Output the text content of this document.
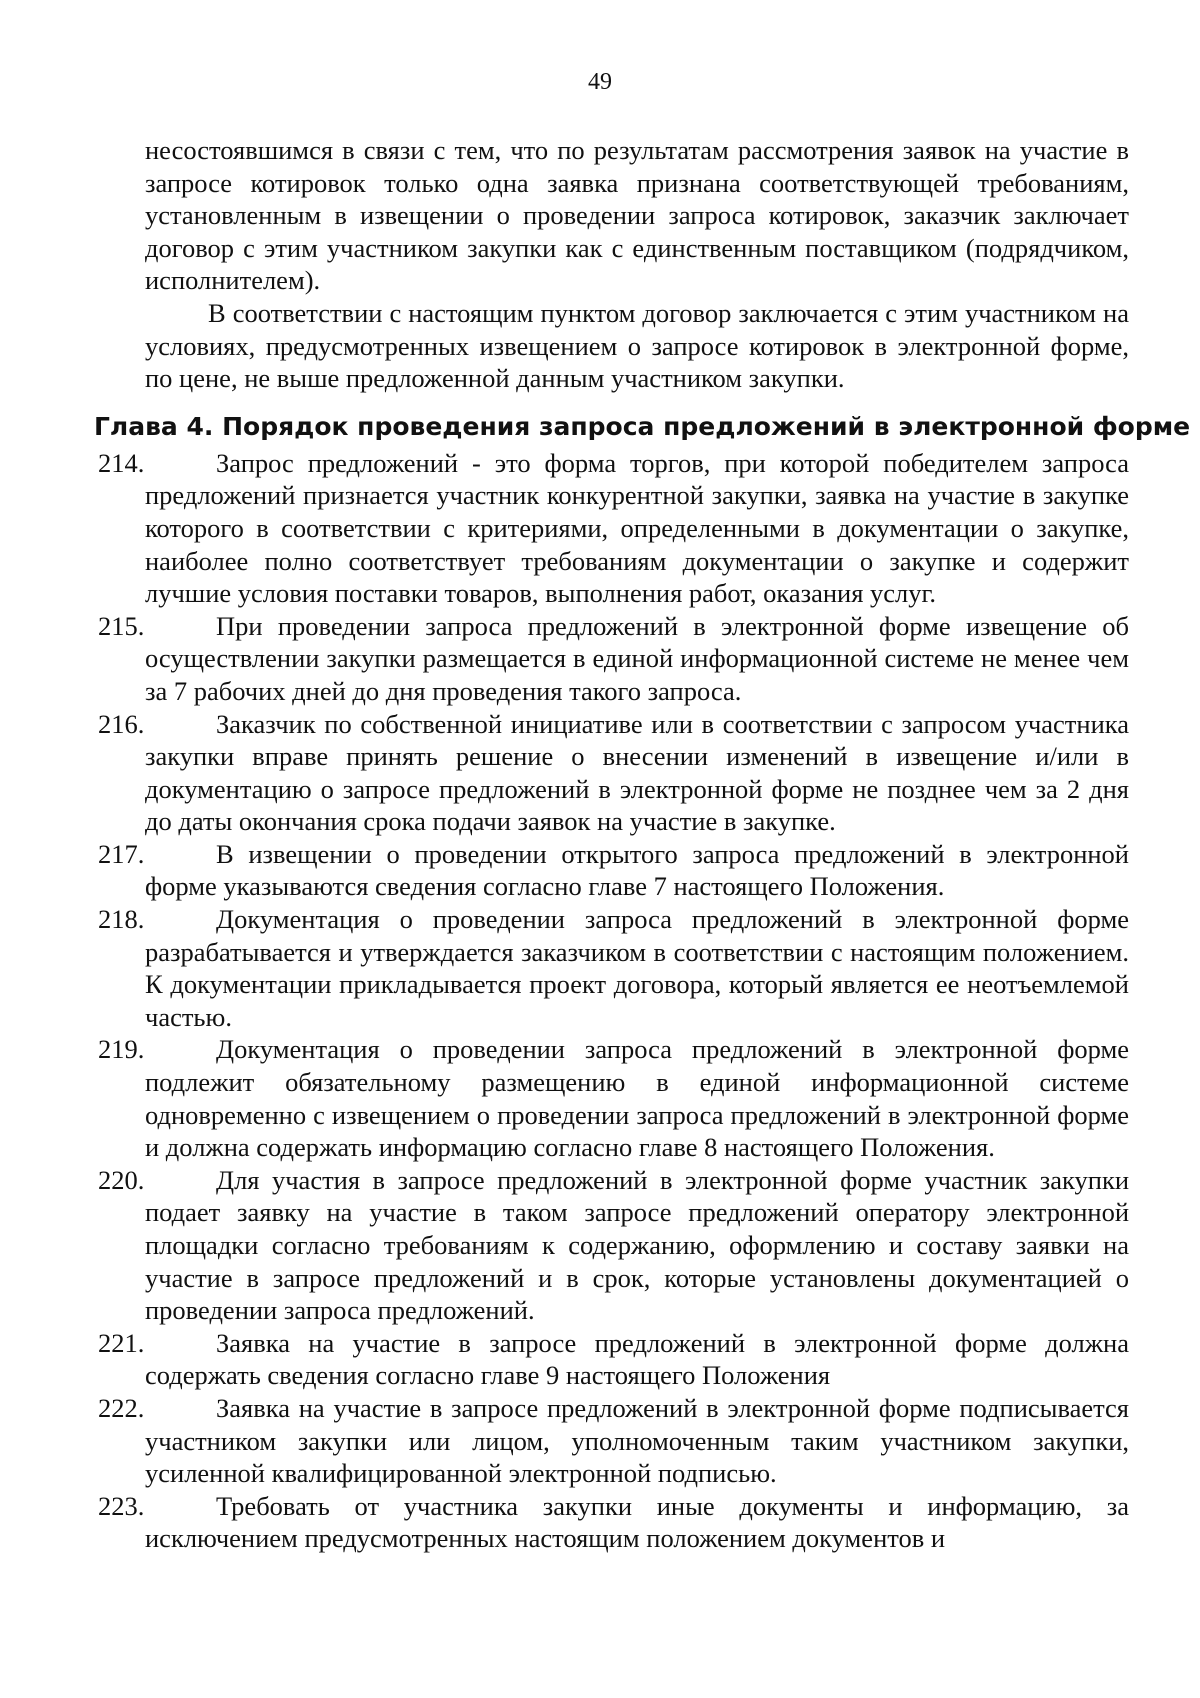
49

несостоявшимся в связи с тем, что по результатам рассмотрения заявок на участие в запросе котировок только одна заявка признана соответствующей требованиям, установленным в извещении о проведении запроса котировок, заказчик заключает договор с этим участником закупки как с единственным поставщиком (подрядчиком, исполнителем).

В соответствии с настоящим пунктом договор заключается с этим участником на условиях, предусмотренных извещением о запросе котировок в электронной форме, по цене, не выше предложенной данным участником закупки.

Глава 4. Порядок проведения запроса предложений в электронной форме

214.	Запрос предложений - это форма торгов, при которой победителем запроса предложений признается участник конкурентной закупки, заявка на участие в закупке которого в соответствии с критериями, определенными в документации о закупке, наиболее полно соответствует требованиям документации о закупке и содержит лучшие условия поставки товаров, выполнения работ, оказания услуг.

215.	При проведении запроса предложений в электронной форме извещение об осуществлении закупки размещается в единой информационной системе не менее чем за 7 рабочих дней до дня проведения такого запроса.

216.	Заказчик по собственной инициативе или в соответствии с запросом участника закупки вправе принять решение о внесении изменений в извещение и/или в документацию о запросе предложений в электронной форме не позднее чем за 2 дня до даты окончания срока подачи заявок на участие в закупке.

217.	В извещении о проведении открытого запроса предложений в электронной форме указываются сведения согласно главе 7 настоящего Положения.

218.	Документация о проведении запроса предложений в электронной форме разрабатывается и утверждается заказчиком в соответствии с настоящим положением. К документации прикладывается проект договора, который является ее неотъемлемой частью.

219.	Документация о проведении запроса предложений в электронной форме подлежит обязательному размещению в единой информационной системе одновременно с извещением о проведении запроса предложений в электронной форме и должна содержать информацию согласно главе 8 настоящего Положения.

220.	Для участия в запросе предложений в электронной форме участник закупки подает заявку на участие в таком запросе предложений оператору электронной площадки согласно требованиям к содержанию, оформлению и составу заявки на участие в запросе предложений и в срок, которые установлены документацией о проведении запроса предложений.

221.	Заявка на участие в запросе предложений в электронной форме должна содержать сведения согласно главе 9 настоящего Положения

222.	Заявка на участие в запросе предложений в электронной форме подписывается участником закупки или лицом, уполномоченным таким участником закупки, усиленной квалифицированной электронной подписью.

223.	Требовать от участника закупки иные документы и информацию, за исключением предусмотренных настоящим положением документов и
